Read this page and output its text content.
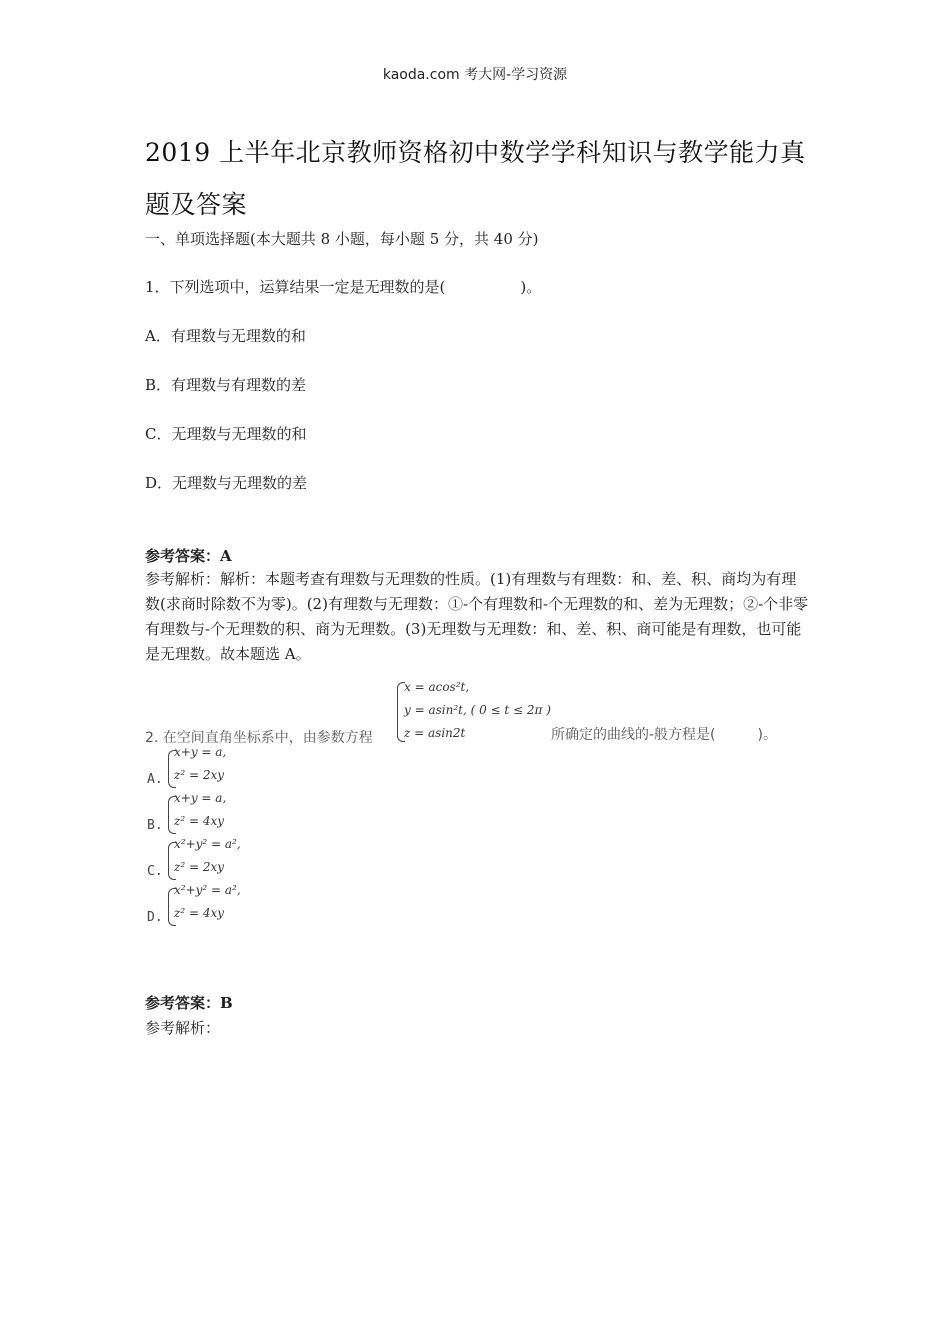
kaoda.com 考大网-学习资源
2019 上半年北京教师资格初中数学学科知识与教学能力真
题及答案
一、单项选择题(本大题共 8 小题，每小题 5 分，共 40 分)
1．下列选项中，运算结果一定是无理数的是(　　　　　)。
A．有理数与无理数的和
B．有理数与有理数的差
C．无理数与无理数的和
D．无理数与无理数的差
参考答案：A
参考解析：解析：本题考查有理数与无理数的性质。(1)有理数与有理数：和、差、积、商均为有理数(求商时除数不为零)。(2)有理数与无理数：①-个有理数和-个无理数的和、差为无理数；②-个非零有理数与-个无理数的积、商为无理数。(3)无理数与无理数：和、差、积、商可能是有理数，也可能是无理数。故本题选 A。
2. 在空间直角坐标系中，由参数方程
x = acos²t,
y = asin²t, ( 0 ≤ t ≤ 2π )
z = asin2t	所确定的曲线的-般方程是(　　　)。
A.
x+y = a,
z² = 2xy
B.
x+y = a,
z² = 4xy
C.
x²+y² = a²,
z² = 2xy
D.
x²+y² = a²,
z² = 4xy
参考答案：B
参考解析：
